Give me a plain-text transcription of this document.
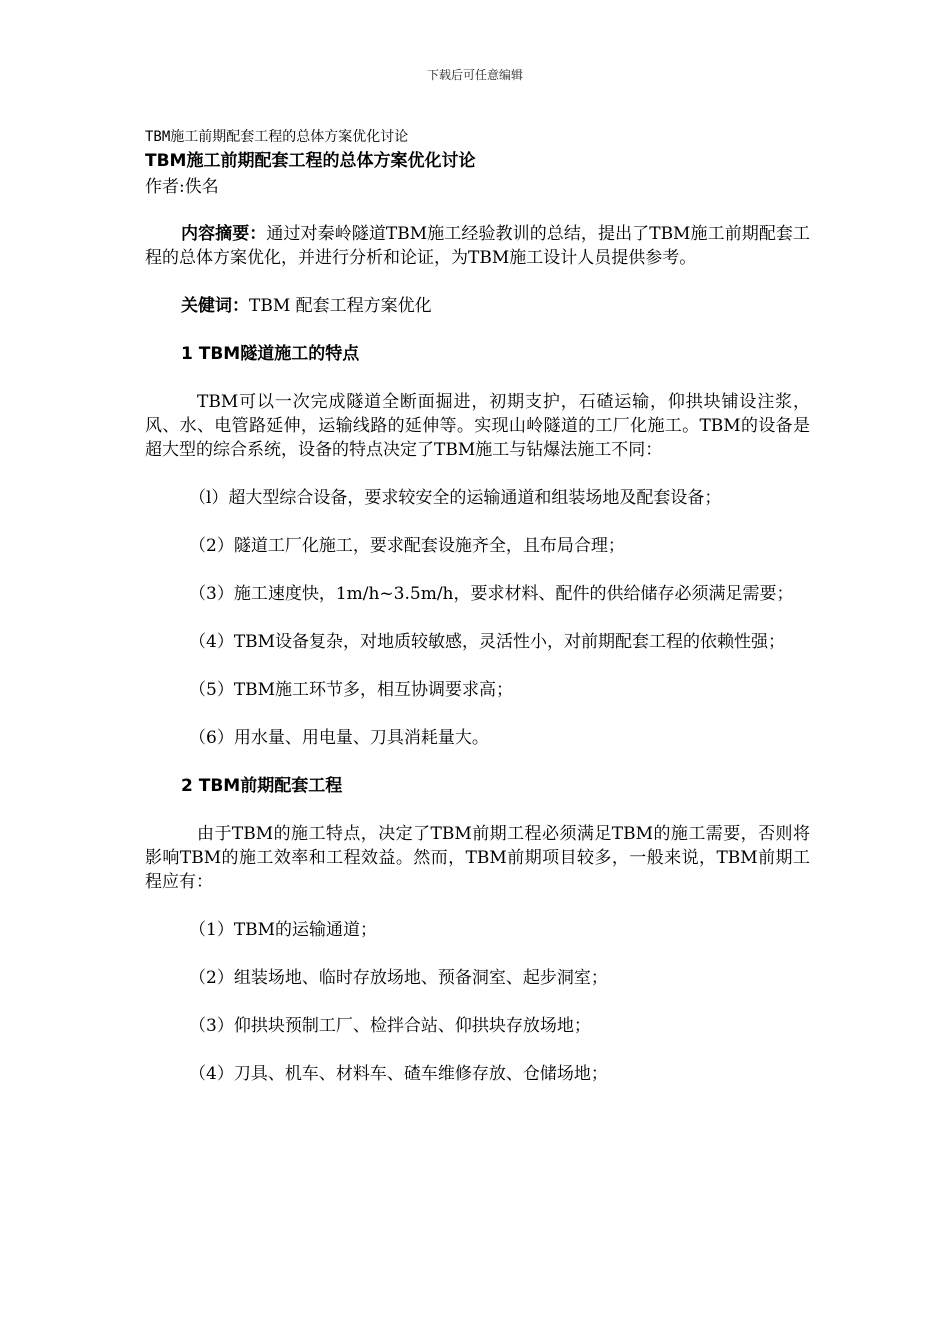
下载后可任意编辑

TBM施工前期配套工程的总体方案优化讨论

TBM施工前期配套工程的总体方案优化讨论

作者:佚名

内容摘要：通过对秦岭隧道TBM施工经验教训的总结，提出了TBM施工前期配套工程的总体方案优化，并进行分析和论证，为TBM施工设计人员提供参考。

关健词：TBM 配套工程方案优化

1 TBM隧道施工的特点

TBM可以一次完成隧道全断面掘进，初期支护，石碴运输，仰拱块铺设注浆，风、水、电管路延伸，运输线路的延伸等。实现山岭隧道的工厂化施工。TBM的设备是超大型的综合系统，设备的特点决定了TBM施工与钻爆法施工不同：

（l）超大型综合设备，要求较安全的运输通道和组装场地及配套设备；

（2）隧道工厂化施工，要求配套设施齐全，且布局合理；

（3）施工速度快，1m/h~3.5m/h，要求材料、配件的供给储存必须满足需要；

（4）TBM设备复杂，对地质较敏感，灵活性小，对前期配套工程的依赖性强；

（5）TBM施工环节多，相互协调要求高；

（6）用水量、用电量、刀具消耗量大。

2 TBM前期配套工程

由于TBM的施工特点，决定了TBM前期工程必须满足TBM的施工需要，否则将影响TBM的施工效率和工程效益。然而，TBM前期项目较多，一般来说，TBM前期工程应有：

（1）TBM的运输通道；

（2）组装场地、临时存放场地、预备洞室、起步洞室；

（3）仰拱块预制工厂、检拌合站、仰拱块存放场地；

（4）刀具、机车、材料车、碴车维修存放、仓储场地；
